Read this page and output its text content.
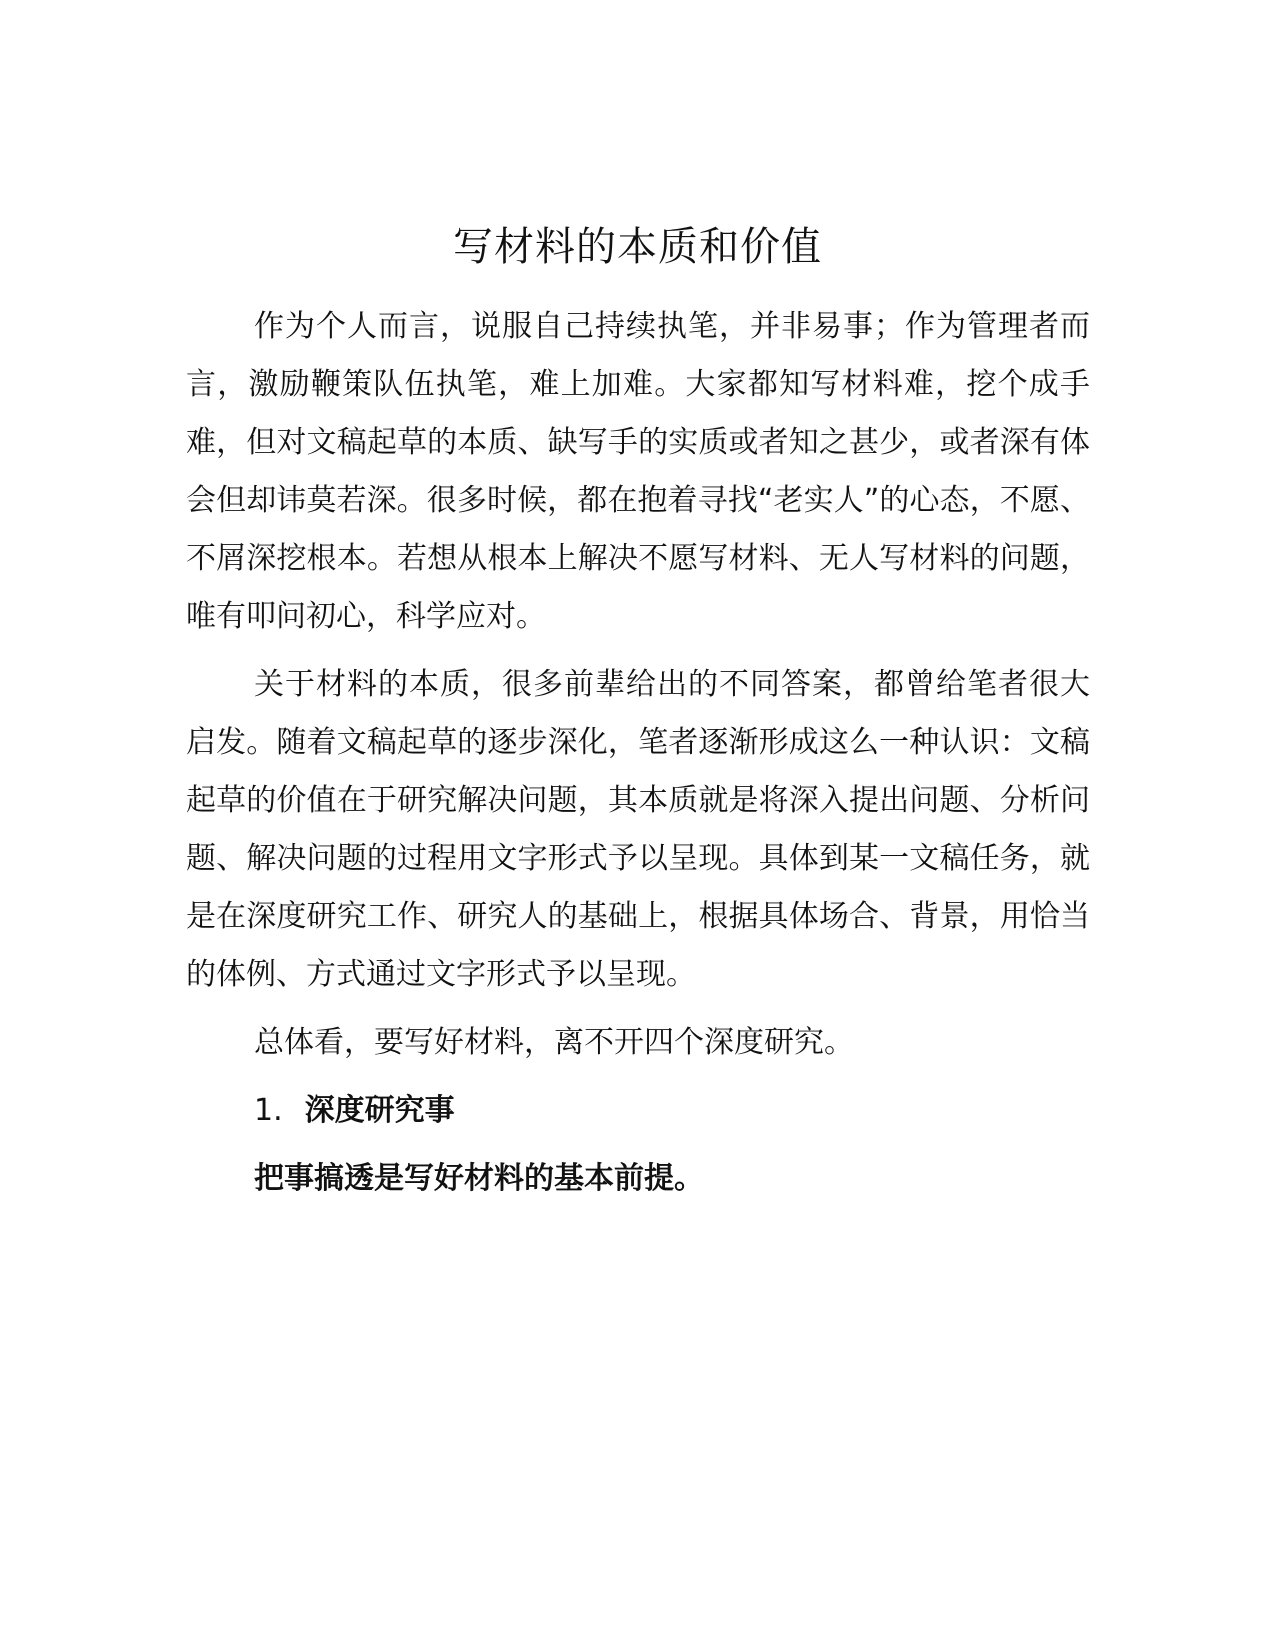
写材料的本质和价值

作为个人而言，说服自己持续执笔，并非易事；作为管理者而言，激励鞭策队伍执笔，难上加难。大家都知写材料难，挖个成手难，但对文稿起草的本质、缺写手的实质或者知之甚少，或者深有体会但却讳莫若深。很多时候，都在抱着寻找“老实人”的心态，不愿、不屑深挖根本。若想从根本上解决不愿写材料、无人写材料的问题，唯有叩问初心，科学应对。

关于材料的本质，很多前辈给出的不同答案，都曾给笔者很大启发。随着文稿起草的逐步深化，笔者逐渐形成这么一种认识：文稿起草的价值在于研究解决问题，其本质就是将深入提出问题、分析问题、解决问题的过程用文字形式予以呈现。具体到某一文稿任务，就是在深度研究工作、研究人的基础上，根据具体场合、背景，用恰当的体例、方式通过文字形式予以呈现。

总体看，要写好材料，离不开四个深度研究。

1. 深度研究事

把事搞透是写好材料的基本前提。
